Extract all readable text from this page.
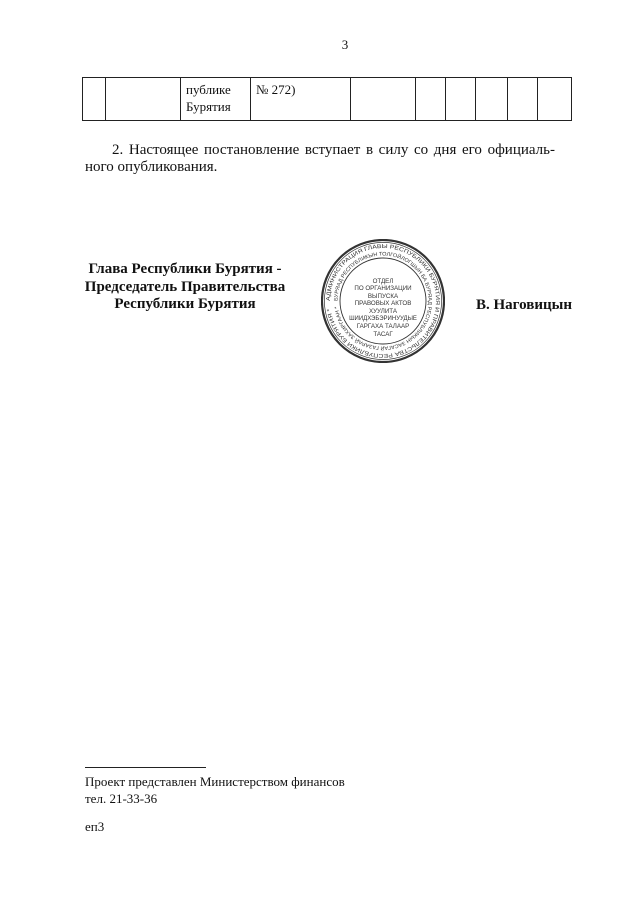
3
		публике
Бурятия	№ 272)						
2. Настоящее постановление вступает в силу со дня его официаль-
ного опубликования.
Глава Республики Бурятия -
Председатель Правительства
Республики Бурятия	АДМИНИСТРАЦИЯ ГЛАВЫ РЕСПУБЛИКИ БУРЯТИЯ И ПРАВИТЕЛЬСТВА РЕСПУБЛИКИ БУРЯТИЯ *
БУРЯАД РЕСПУБЛИКЫН ТОЛГОЙЛОГШЫН БА БУРЯАД РЕСПУБЛИКЫН ЗАСАГАЙ ГАЗАРАЙ ЗАХИРГААН *
ОТДЕЛ
ПО ОРГАНИЗАЦИИ
ВЫПУСКА
ПРАВОВЫХ АКТОВ
ХУУЛИТА
ШИИДХЭБЭРИНУУДЫЕ
ГАРГАХА ТАЛААР
ТАСАГ
В. Наговицын
Проект представлен Министерством финансов
тел. 21-33-36
еп3
